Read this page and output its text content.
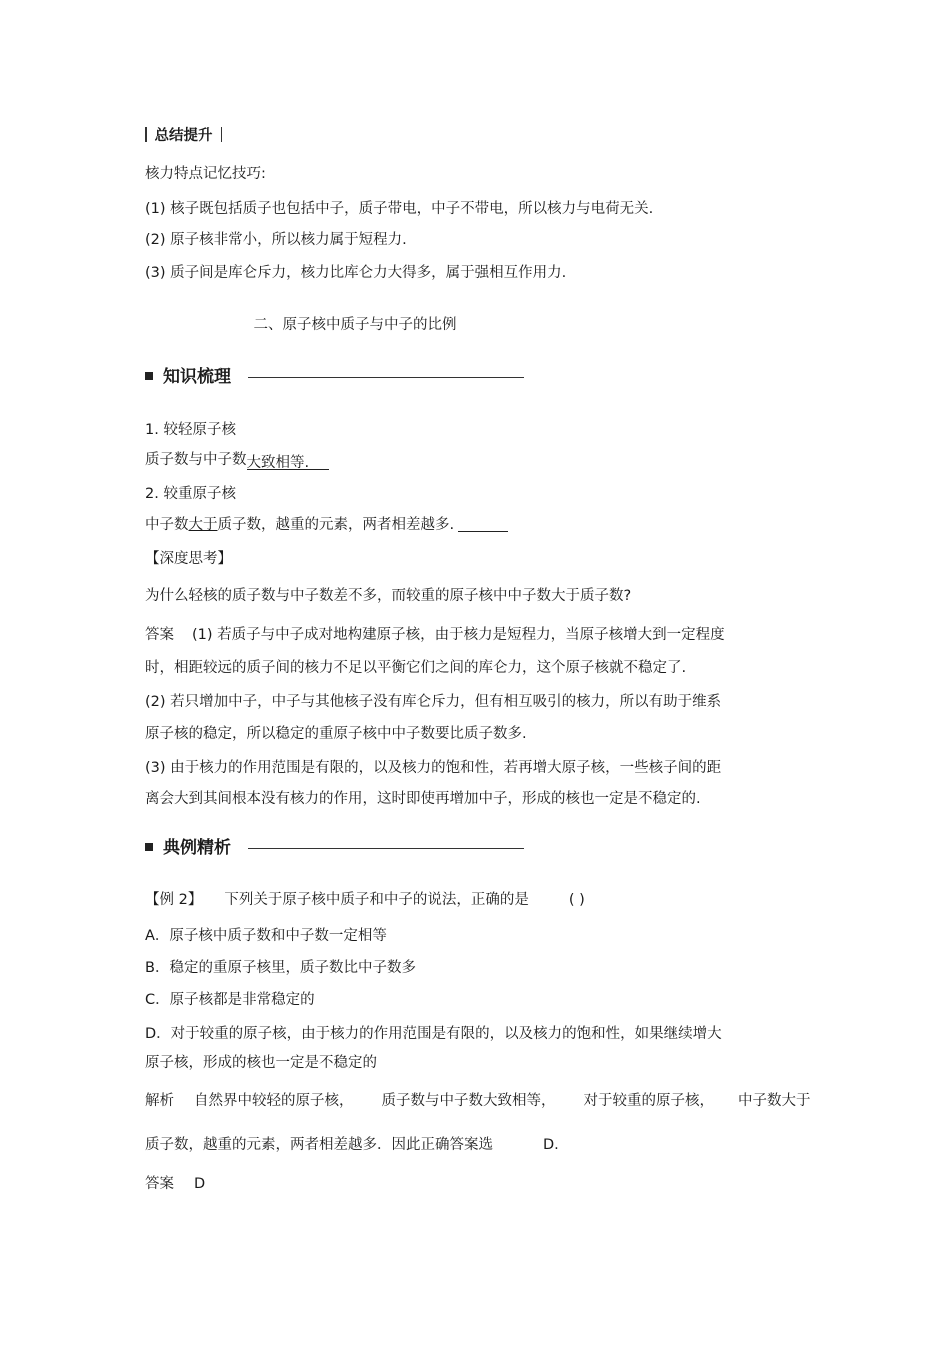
总结提升
核力特点记忆技巧:
(1) 核子既包括质子也包括中子，质子带电，中子不带电，所以核力与电荷无关.
(2) 原子核非常小，所以核力属于短程力.
(3) 质子间是库仑斥力，核力比库仑力大得多，属于强相互作用力.
二、原子核中质子与中子的比例
知识梳理
1. 较轻原子核
质子数与中子数大致相等.
2. 较重原子核
中子数大于质子数，越重的元素，两者相差越多.
【深度思考】
为什么轻核的质子数与中子数差不多，而较重的原子核中中子数大于质子数?
答案 (1) 若质子与中子成对地构建原子核，由于核力是短程力，当原子核增大到一定程度
时，相距较远的质子间的核力不足以平衡它们之间的库仑力，这个原子核就不稳定了.
(2) 若只增加中子，中子与其他核子没有库仑斥力，但有相互吸引的核力，所以有助于维系
原子核的稳定，所以稳定的重原子核中中子数要比质子数多.
(3) 由于核力的作用范围是有限的，以及核力的饱和性，若再增大原子核，一些核子间的距
离会大到其间根本没有核力的作用，这时即使再增加中子，形成的核也一定是不稳定的.
典例精析
【例 2】 下列关于原子核中质子和中子的说法，正确的是	( )
A．原子核中质子数和中子数一定相等
B．稳定的重原子核里，质子数比中子数多
C．原子核都是非常稳定的
D．对于较重的原子核，由于核力的作用范围是有限的，以及核力的饱和性，如果继续增大
原子核，形成的核也一定是不稳定的
解析 自然界中较轻的原子核， 质子数与中子数大致相等， 对于较重的原子核， 中子数大于
质子数，越重的元素，两者相差越多．因此正确答案选	D.
答案 D
